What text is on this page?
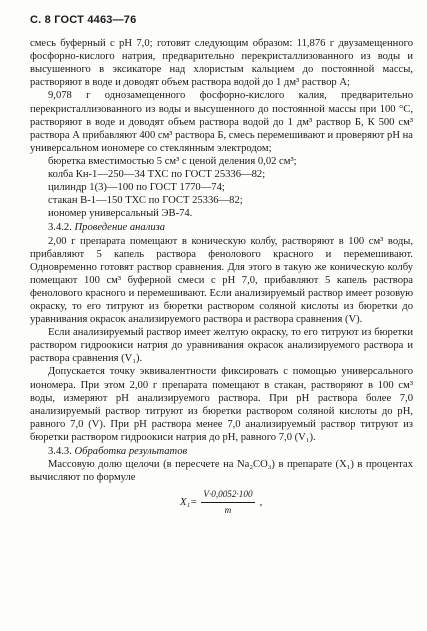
С. 8 ГОСТ 4463—76

смесь буферный с рН 7,0; готовят следующим образом: 11,876 г двузамещенного фосфорно-кислого натрия, предварительно перекристаллизованного из воды и высушенного в эксикаторе над хлористым кальцием до постоянной массы, растворяют в воде и доводят объем раствора водой до 1 дм³ раствор А;

9,078 г однозамещенного фосфорно-кислого калия, предварительно перекристаллизованного из воды и высушенного до постоянной массы при 100 °С, растворяют в воде и доводят объем раствора водой до 1 дм³ раствор Б, К 500 см³ раствора А прибавляют 400 см³ раствора Б, смесь перемешивают и проверяют рН на универсальном иономере со стеклянным электродом;

бюретка вместимостью 5 см³ с ценой деления 0,02 см³;

колба Кн-1—250—34 ТХС по ГОСТ 25336—82;

цилиндр 1(3)—100 по ГОСТ 1770—74;

стакан В-1—150 ТХС по ГОСТ 25336—82;

иономер универсальный ЭВ-74.

3.4.2. Проведение анализа

2,00 г препарата помещают в коническую колбу, растворяют в 100 см³ воды, прибавляют 5 капель раствора фенолового красного и перемешивают. Одновременно готовят раствор сравнения. Для этого в такую же коническую колбу помещают 100 см³ буферной смеси с рН 7,0, прибавляют 5 капель раствора фенолового красного и перемешивают. Если анализируемый раствор имеет розовую окраску, то его титруют из бюретки раствором соляной кислоты из бюретки до уравнивания окрасок анализируемого раствора и раствора сравнения (V).

Если анализируемый раствор имеет желтую окраску, то его титруют из бюретки раствором гидроокиси натрия до уравнивания окрасок анализируемого раствора и раствора сравнения (V₁).

Допускается точку эквивалентности фиксировать с помощью универсального иономера. При этом 2,00 г препарата помещают в стакан, растворяют в 100 см³ воды, измеряют рН анализируемого раствора. При рН раствора более 7,0 анализируемый раствор титруют из бюретки раствором соляной кислоты до рН, равного 7,0 (V). При рН раствора менее 7,0 анализируемый раствор титруют из бюретки раствором гидроокиси натрия до рН, равного 7,0 (V₁).

3.4.3. Обработка результатов

Массовую долю щелочи (в пересчете на Na₂CO₃) в препарате (X₁) в процентах вычисляют по формуле

$X_1= \frac{V\cdot 0,0052\cdot 100}{m}$ ,
